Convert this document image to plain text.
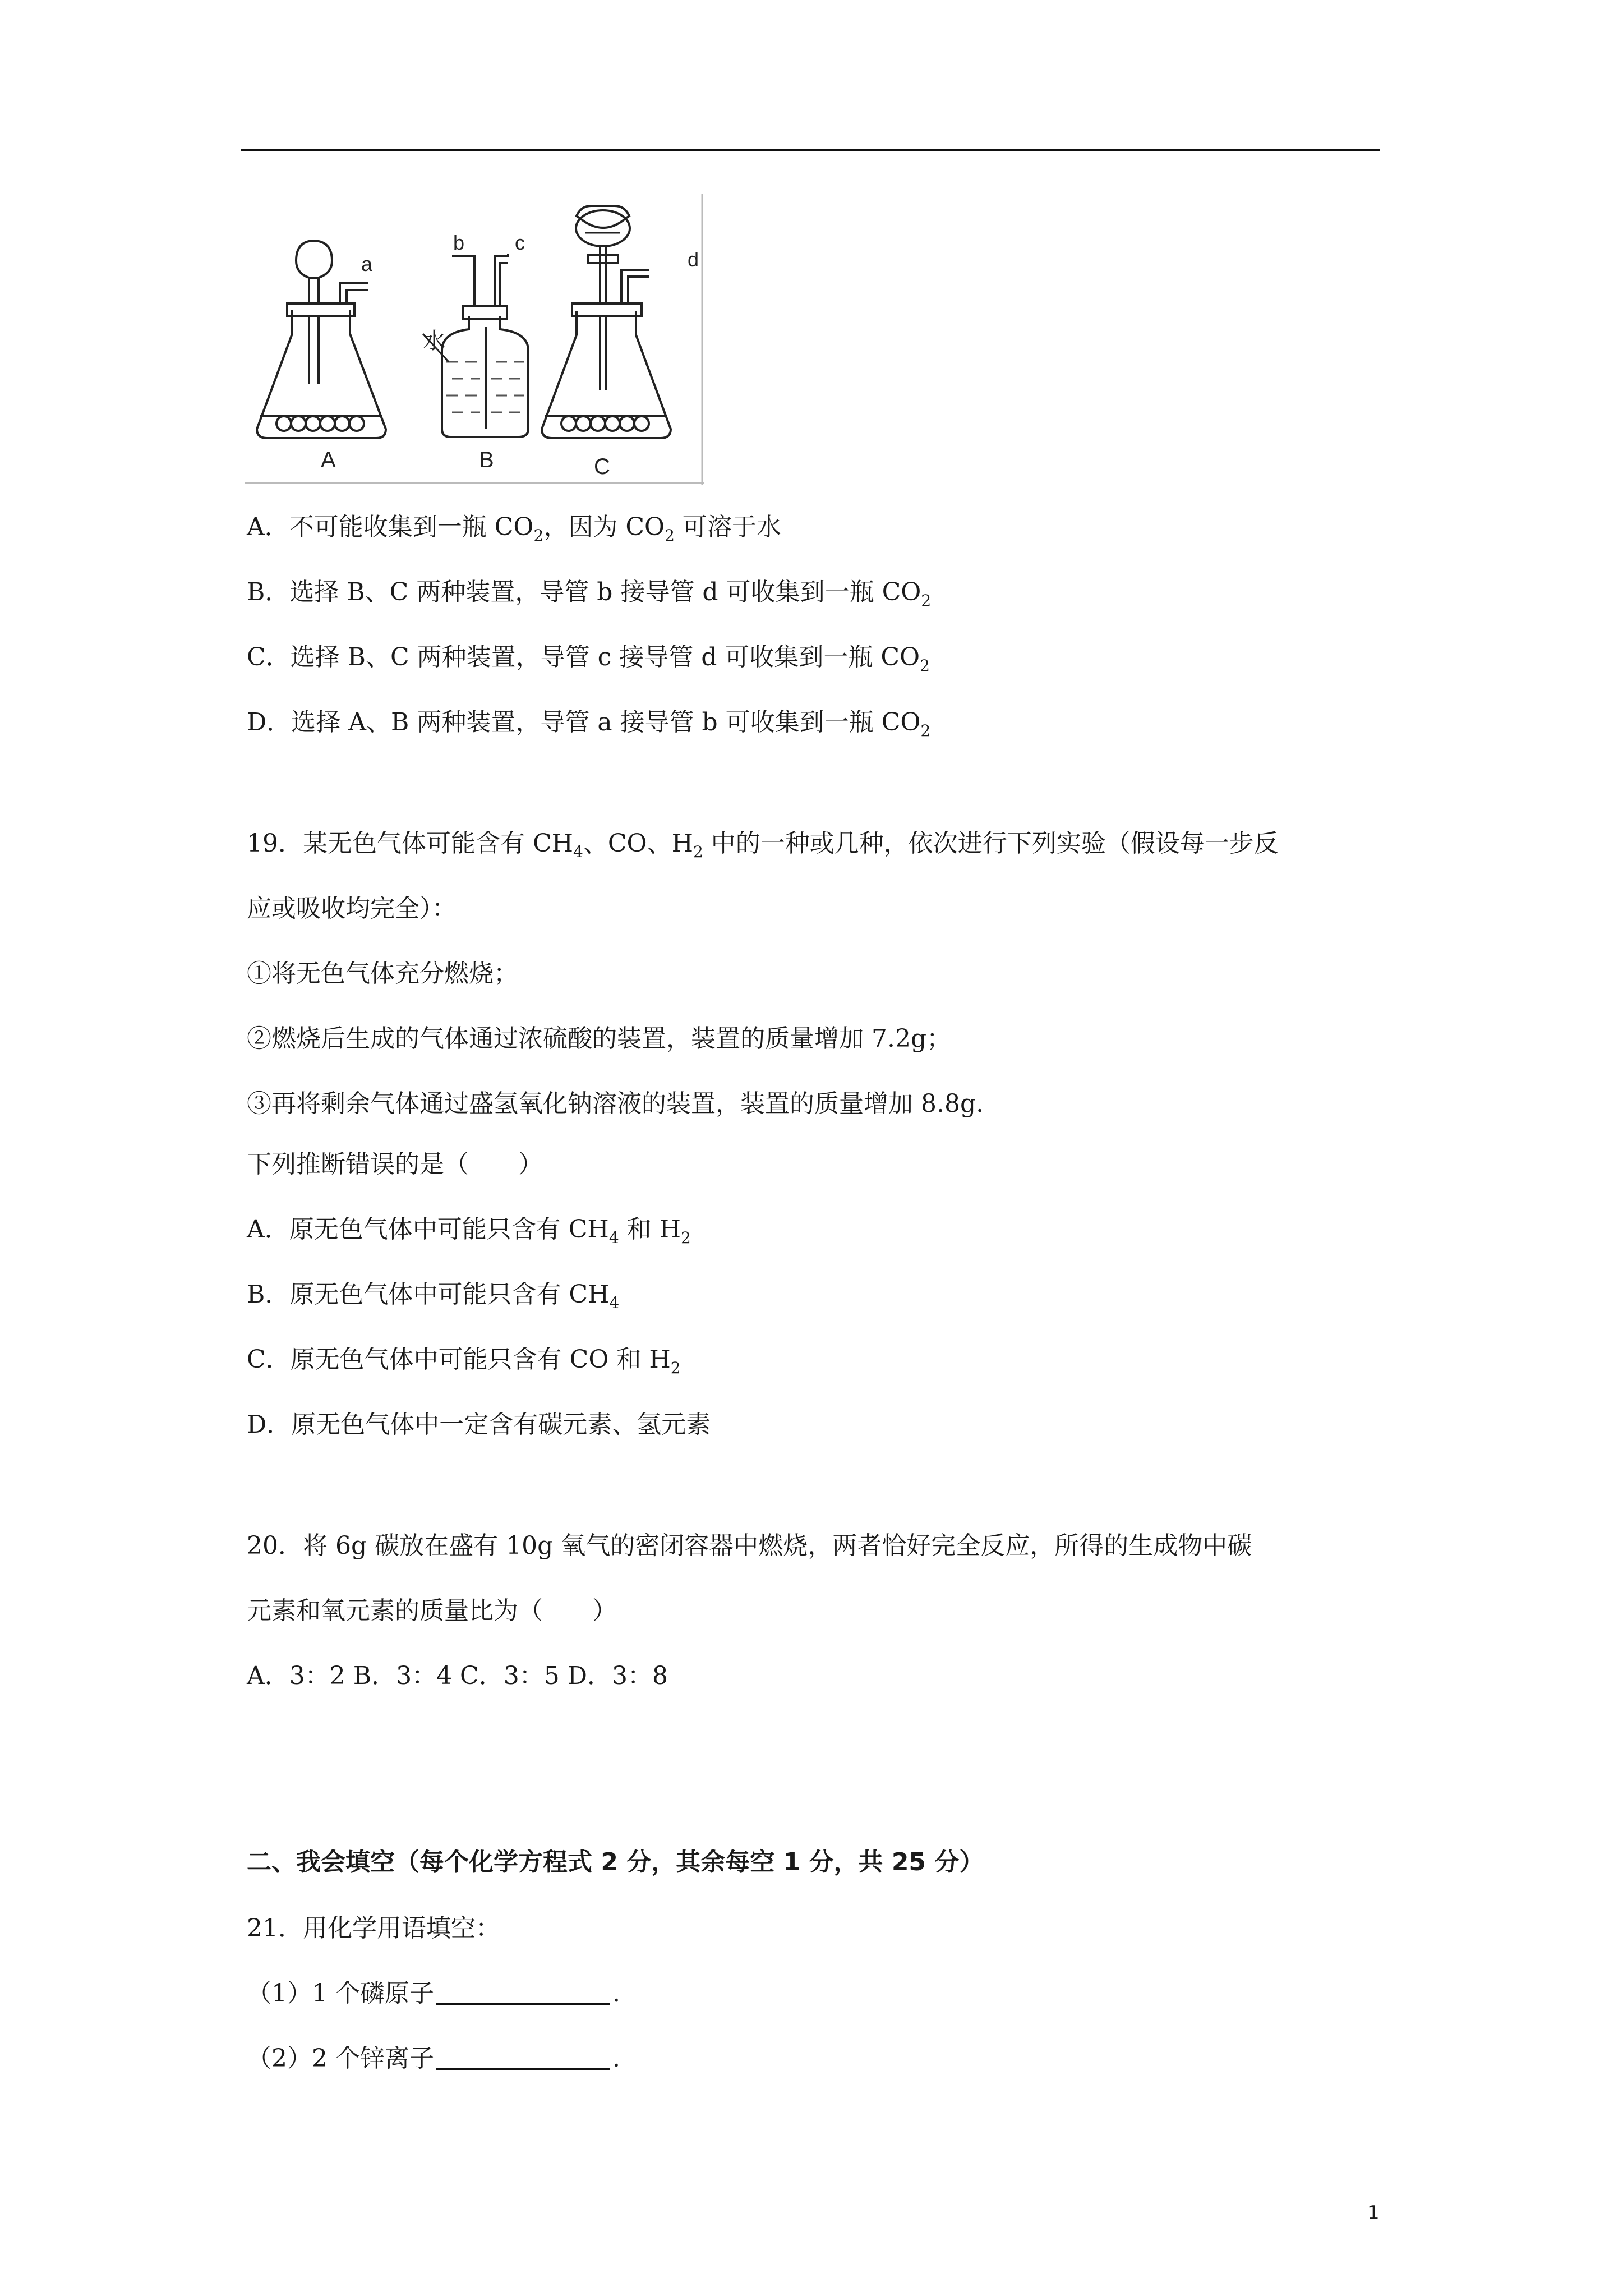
A	B	C
a
b c
d
水
A．不可能收集到一瓶 $CO_2$，因为 $CO_2$ 可溶于水
B．选择 B、C 两种装置，导管 b 接导管 d 可收集到一瓶 $CO_2$
C．选择 B、C 两种装置，导管 c 接导管 d 可收集到一瓶 $CO_2$
D．选择 A、B 两种装置，导管 a 接导管 b 可收集到一瓶 $CO_2$
19．某无色气体可能含有 $CH_4$、CO、$H_2$ 中的一种或几种，依次进行下列实验（假设每一步反
应或吸收均完全）：
①将无色气体充分燃烧；
②燃烧后生成的气体通过浓硫酸的装置，装置的质量增加 7.2g；
③再将剩余气体通过盛氢氧化钠溶液的装置，装置的质量增加 8.8g.
下列推断错误的是（　　）
A．原无色气体中可能只含有 $CH_4$ 和 $H_2$
B．原无色气体中可能只含有 $CH_4$
C．原无色气体中可能只含有 CO 和 $H_2$
D．原无色气体中一定含有碳元素、氢元素
20．将 6g 碳放在盛有 10g 氧气的密闭容器中燃烧，两者恰好完全反应，所得的生成物中碳
元素和氧元素的质量比为（　　）
A．3：2 B．3：4 C．3：5 D．3：8
二、我会填空（每个化学方程式 2 分，其余每空 1 分，共 25 分）
21．用化学用语填空：
（1）1 个磷原子	.
（2）2 个锌离子	.
1
